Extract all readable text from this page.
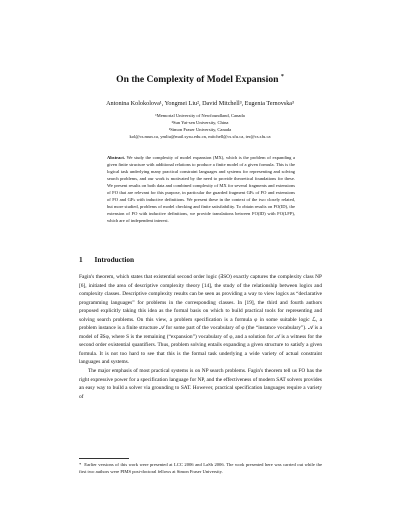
On the Complexity of Model Expansion *
Antonina Kolokolova¹, Yongmei Liu², David Mitchell³, Eugenia Ternovska³
¹Memorial University of Newfoundland, Canada
²Sun Yat-sen University, China
³Simon Fraser University, Canada
kol@cs.mun.ca, ymliu@mail.sysu.edu.cn, mitchell@cs.sfu.ca, ter@cs.sfu.ca
Abstract. We study the complexity of model expansion (MX), which is the problem of expanding a given finite structure with additional relations to produce a finite model of a given formula. This is the logical task underlying many practical constraint languages and systems for representing and solving search problems, and our work is motivated by the need to provide theoretical foundations for these. We present results on both data and combined complexity of MX for several fragments and extensions of FO that are relevant for this purpose, in particular the guarded fragment GFₖ of FO and extensions of FO and GFₖ with inductive definitions. We present these in the context of the two closely related, but more studied, problems of model checking and finite satisfiability. To obtain results on FO(ID), the extension of FO with inductive definitions, we provide translations between FO(ID) with FO(LFP), which are of independent interest.
1 Introduction

Fagin's theorem, which states that existential second order logic (∃SO) exactly captures the complexity class NP [6], initiated the area of descriptive complexity theory [14], the study of the relationship between logics and complexity classes. Descriptive complexity results can be seen as providing a way to view logics as “declarative programming languages” for problems in the corresponding classes. In [19], the third and fourth authors proposed explicitly taking this idea as the formal basis on which to build practical tools for representing and solving search problems. On this view, a problem specification is a formula φ in some suitable logic ℒ, a problem instance is a finite structure 𝒜 for some part of the vocabulary of φ (the “instance vocabulary”). 𝒜 is a model of ∃Sφ, where S is the remaining (“expansion”) vocabulary of φ, and a solution for 𝒜 is a witness for the second order existential quantifiers. Thus, problem solving entails expanding a given structure to satisfy a given formula. It is not too hard to see that this is the formal task underlying a wide variety of actual constraint languages and systems.

The major emphasis of most practical systems is on NP search problems. Fagin's theorem tell us FO has the right expressive power for a specification language for NP, and the effectiveness of modern SAT solvers provides an easy way to build a solver via grounding to SAT. However, practical specification languages require a variety of

* Earlier versions of this work were presented at LCC 2006 and LaSh 2006. The work presented here was carried out while the first two authors were PIMS post-doctoral fellows at Simon Fraser University.
